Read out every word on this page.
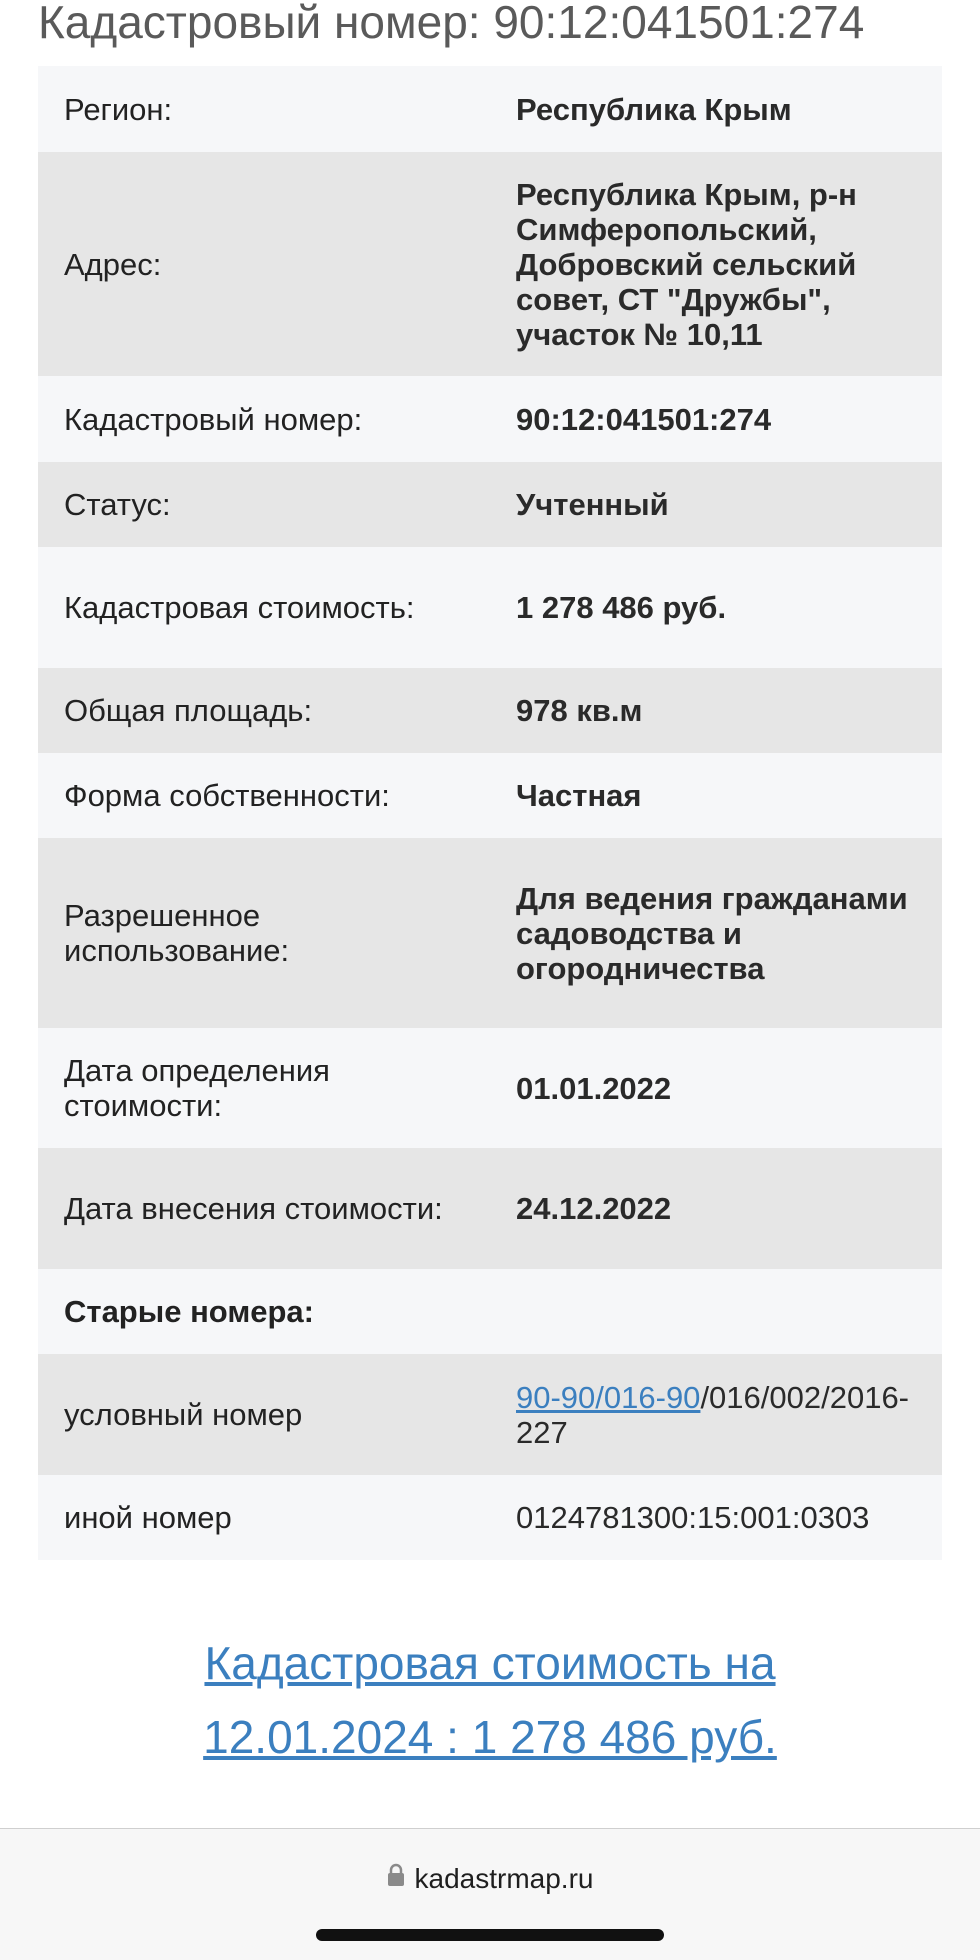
Кадастровый номер: 90:12:041501:274
Регион:	Республика Крым
Адрес:	Республика Крым, р-н Симферопольский, Добровский сельский совет, СТ "Дружбы", участок № 10,11
Кадастровый номер:	90:12:041501:274
Статус:	Учтенный
Кадастровая стоимость:	1 278 486 руб.
Общая площадь:	978 кв.м
Форма собственности:	Частная
Разрешенное использование:	Для ведения гражданами садоводства и огородничества
Дата определения стоимости:	01.01.2022
Дата внесения стоимости:	24.12.2022
Старые номера:	
условный номер	90-90/016-90/016/002/2016-227
иной номер	0124781300:15:001:0303
Кадастровая стоимость на
12.01.2024 : 1 278 486 руб.
kadastrmap.ru
